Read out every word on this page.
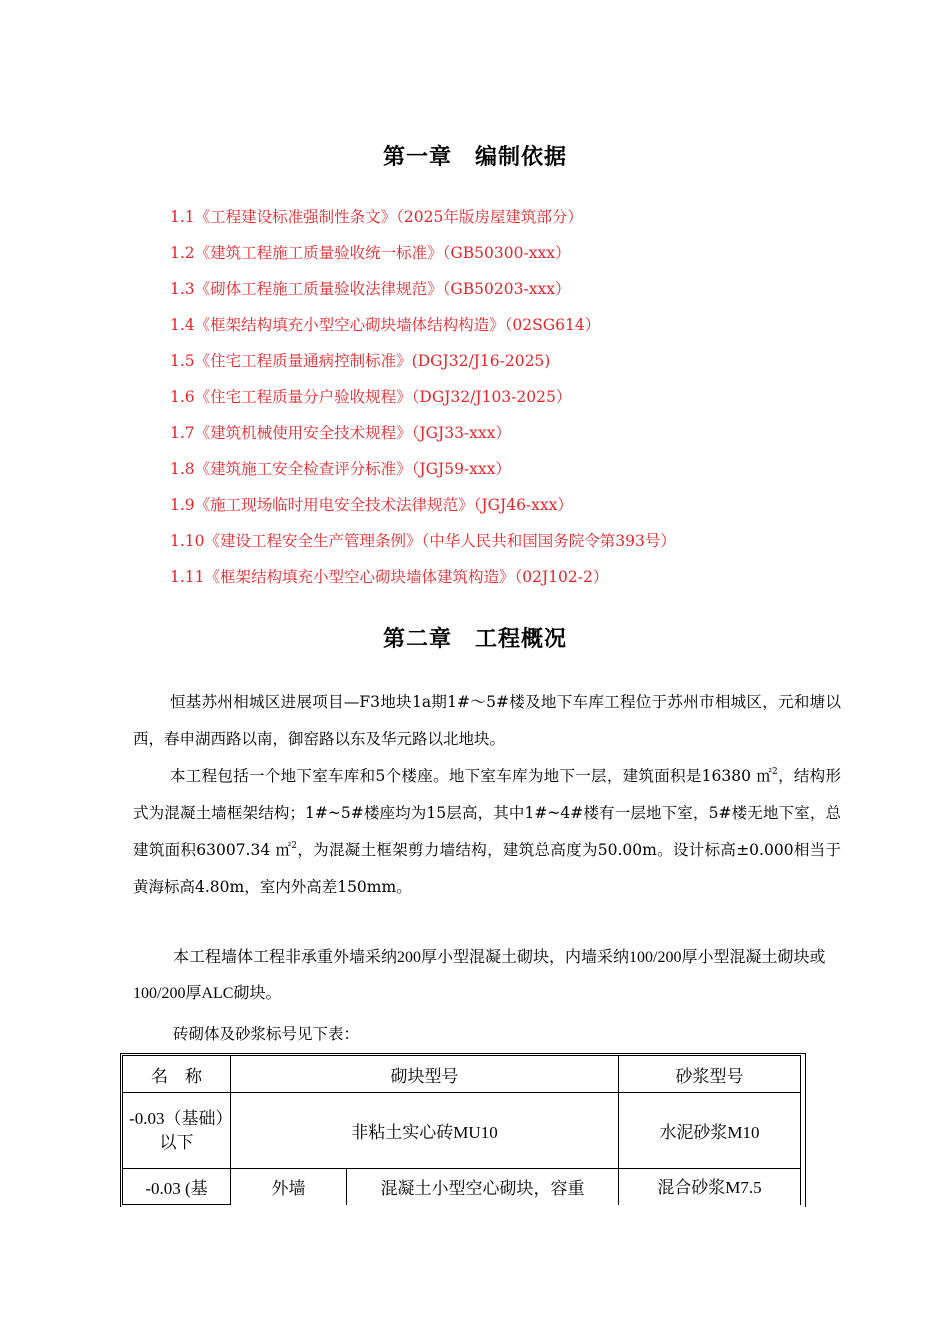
第一章　编制依据
1.1《工程建设标准强制性条文》（2025年版房屋建筑部分）
1.2《建筑工程施工质量验收统一标准》（GB50300-xxx）
1.3《砌体工程施工质量验收法律规范》（GB50203-xxx）
1.4《框架结构填充小型空心砌块墙体结构构造》（02SG614）
1.5《住宅工程质量通病控制标准》(DGJ32/J16-2025)
1.6《住宅工程质量分户验收规程》（DGJ32/J103-2025）
1.7《建筑机械使用安全技术规程》（JGJ33-xxx）
1.8《建筑施工安全检查评分标准》（JGJ59-xxx）
1.9《施工现场临时用电安全技术法律规范》（JGJ46-xxx）
1.10《建设工程安全生产管理条例》（中华人民共和国国务院令第393号）
1.11《框架结构填充小型空心砌块墙体建筑构造》（02J102-2）
第二章　工程概况
恒基苏州相城区进展项目—F3地块1a期1#～5#楼及地下车库工程位于苏州市相城区，元和塘以西，春申湖西路以南，御窑路以东及华元路以北地块。
本工程包括一个地下室车库和5个楼座。地下室车库为地下一层，建筑面积是16380 ㎡$^2$，结构形式为混凝土墙框架结构；1#~5#楼座均为15层高，其中1#~4#楼有一层地下室，5#楼无地下室，总建筑面积63007.34 ㎡$^2$，为混凝土框架剪力墙结构，建筑总高度为50.00m。设计标高±0.000相当于黄海标高4.80m，室内外高差150mm。
本工程墙体工程非承重外墙采纳200厚小型混凝土砌块，内墙采纳100/200厚小型混凝土砌块或100/200厚ALC砌块。
砖砌体及砂浆标号见下表：
名　称	砌块型号		砂浆型号
-0.03（基础）以下	非粘土实心砖MU10		水泥砂浆M10
-0.03 (基	外墙	混凝土小型空心砌块，容重	混合砂浆M7.5
